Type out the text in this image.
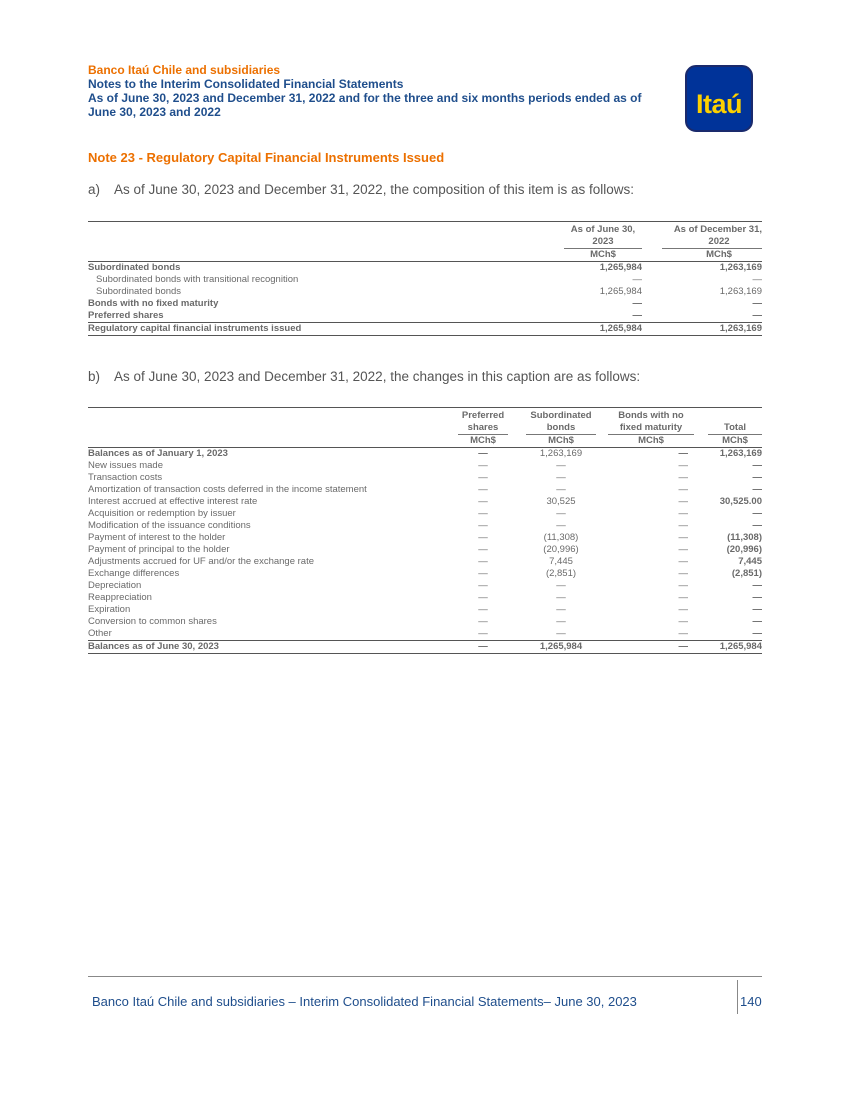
Banco Itaú Chile and subsidiaries
Notes to the Interim Consolidated Financial Statements
As of June 30, 2023 and December 31, 2022 and for the three and six months periods ended as of
June 30, 2023 and 2022	Itaú
Note 23 - Regulatory Capital Financial Instruments Issued
a) As of June 30, 2023 and December 31, 2022, the composition of this item is as follows:
	As of June 30,		As of December 31,
	2023		2022
	MCh$		MCh$
Subordinated bonds	1,265,984		1,263,169
Subordinated bonds with transitional recognition	—		—
Subordinated bonds	1,265,984		1,263,169
Bonds with no fixed maturity	—		—
Preferred shares	—		—
Regulatory capital financial instruments issued	1,265,984		1,263,169
b) As of June 30, 2023 and December 31, 2022, the changes in this caption are as follows:
	Preferred		Subordinated		Bonds with no		
	shares		bonds		fixed maturity		Total
	MCh$		MCh$		MCh$		MCh$
Balances as of January 1, 2023	—		1,263,169		—		1,263,169
New issues made	—		—		—		—
Transaction costs	—		—		—		—
Amortization of transaction costs deferred in the income statement	—		—		—		—
Interest accrued at effective interest rate	—		30,525		—		30,525.00
Acquisition or redemption by issuer	—		—		—		—
Modification of the issuance conditions	—		—		—		—
Payment of interest to the holder	—		(11,308)		—		(11,308)
Payment of principal to the holder	—		(20,996)		—		(20,996)
Adjustments accrued for UF and/or the exchange rate	—		7,445		—		7,445
Exchange differences	—		(2,851)		—		(2,851)
Depreciation	—		—		—		—
Reappreciation	—		—		—		—
Expiration	—		—		—		—
Conversion to common shares	—		—		—		—
Other	—		—		—		—
Balances as of June 30, 2023	—		1,265,984		—		1,265,984
Banco Itaú Chile and subsidiaries – Interim Consolidated Financial Statements– June 30, 2023	140
